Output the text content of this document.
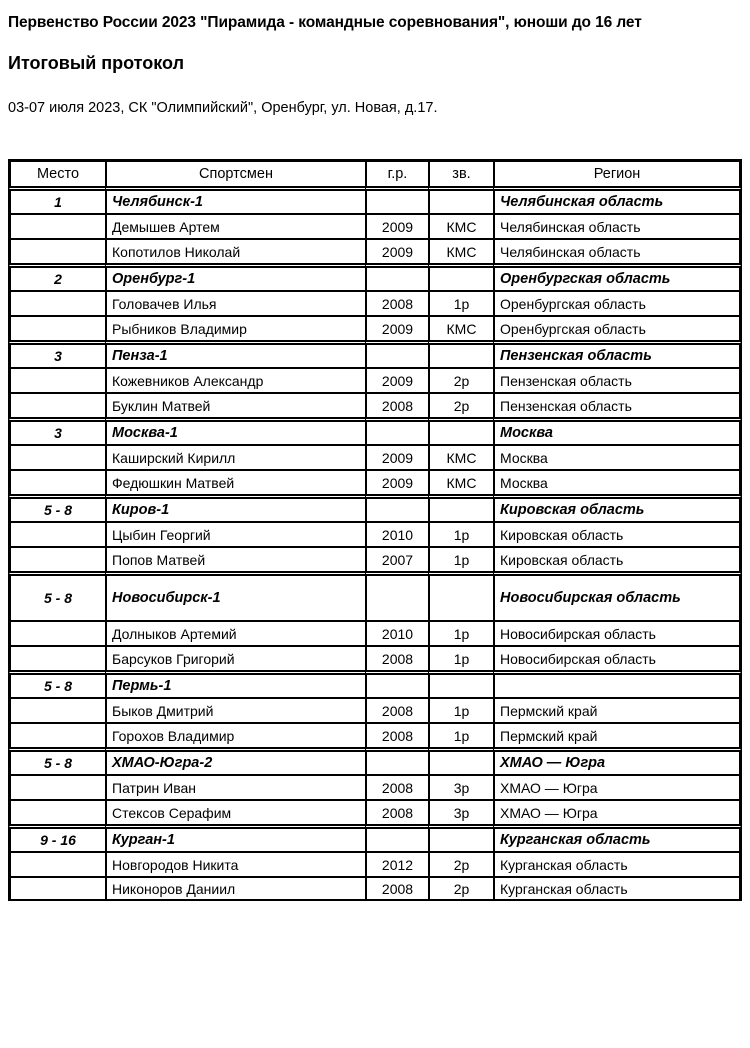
Первенство России 2023 "Пирамида - командные соревнования", юноши до 16 лет
Итоговый протокол
03-07 июля 2023, СК "Олимпийский", Оренбург, ул. Новая, д.17.
Место	Спортсмен	г.р.	зв.	Регион
1	Челябинск-1			Челябинская область
	Демышев Артем	2009	КМС	Челябинская область
	Копотилов Николай	2009	КМС	Челябинская область
2	Оренбург-1			Оренбургская область
	Головачев Илья	2008	1р	Оренбургская область
	Рыбников Владимир	2009	КМС	Оренбургская область
3	Пенза-1			Пензенская область
	Кожевников Александр	2009	2р	Пензенская область
	Буклин Матвей	2008	2р	Пензенская область
3	Москва-1			Москва
	Каширский Кирилл	2009	КМС	Москва
	Федюшкин Матвей	2009	КМС	Москва
5 - 8	Киров-1			Кировская область
	Цыбин Георгий	2010	1р	Кировская область
	Попов Матвей	2007	1р	Кировская область
5 - 8	Новосибирск-1			Новосибирская область
	Долныков Артемий	2010	1р	Новосибирская область
	Барсуков Григорий	2008	1р	Новосибирская область
5 - 8	Пермь-1			
	Быков Дмитрий	2008	1р	Пермский край
	Горохов Владимир	2008	1р	Пермский край
5 - 8	ХМАО-Югра-2			ХМАО — Югра
	Патрин Иван	2008	3р	ХМАО — Югра
	Стексов Серафим	2008	3р	ХМАО — Югра
9 - 16	Курган-1			Курганская область
	Новгородов Никита	2012	2р	Курганская область
	Никоноров Даниил	2008	2р	Курганская область
